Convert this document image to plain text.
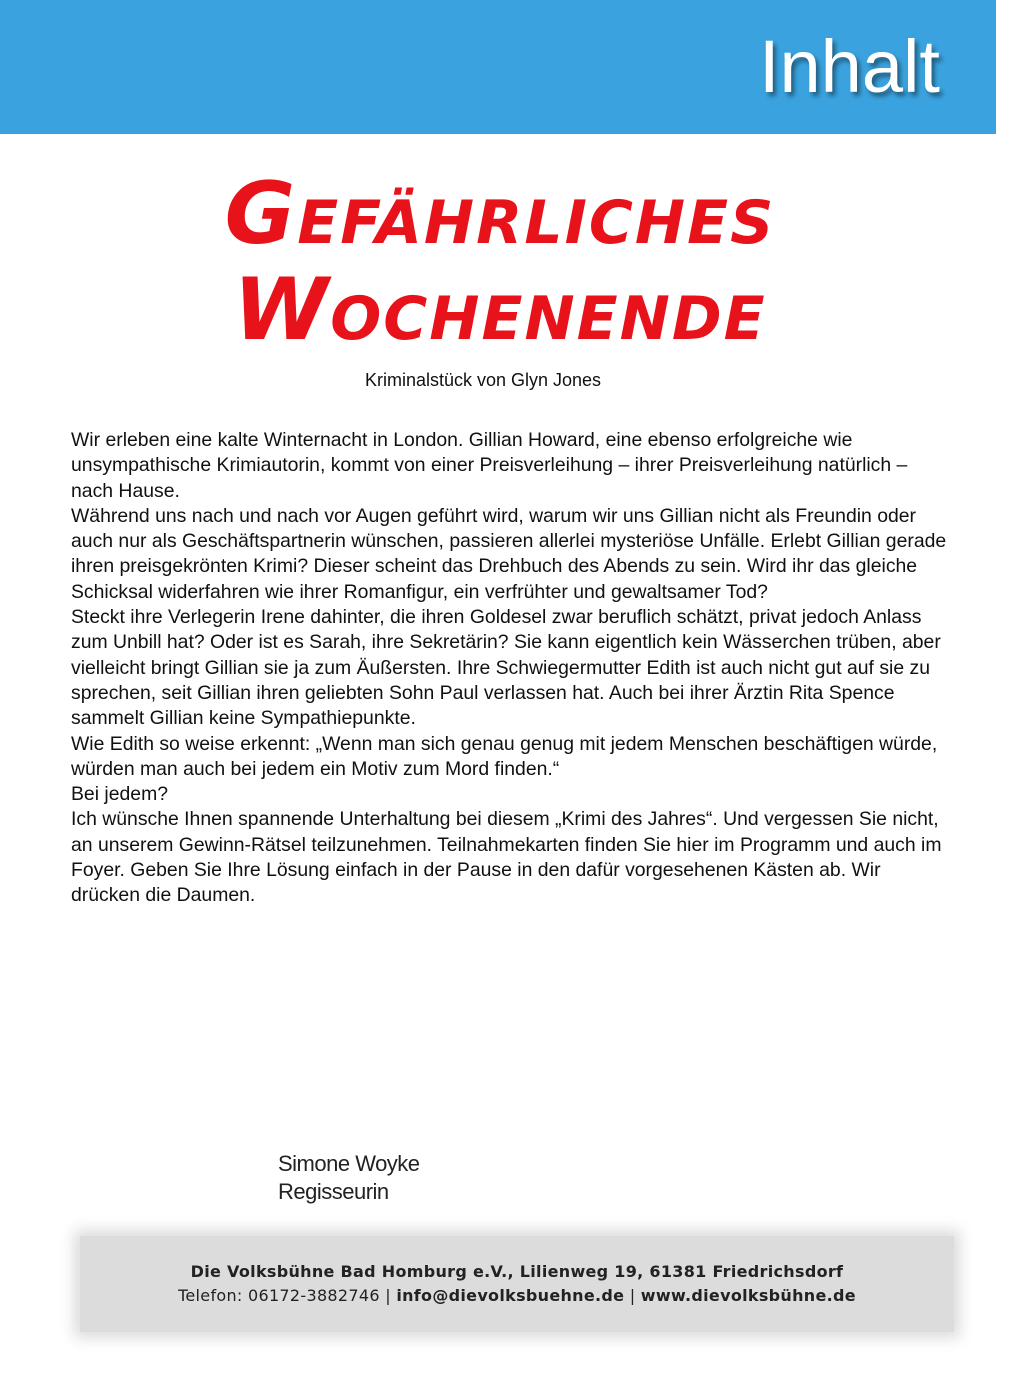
Inhalt
Gefährliches
Wochenende
Kriminalstück von Glyn Jones

Wir erleben eine kalte Winternacht in London. Gillian Howard, eine ebenso erfolgreiche wie unsympathische Krimiautorin, kommt von einer Preisverleihung – ihrer Preisverleihung natürlich – nach Hause.

Während uns nach und nach vor Augen geführt wird, warum wir uns Gillian nicht als Freundin oder auch nur als Geschäftspartnerin wünschen, passieren allerlei mysteriöse Unfälle. Erlebt Gillian gerade ihren preisgekrönten Krimi? Dieser scheint das Drehbuch des Abends zu sein. Wird ihr das gleiche Schicksal widerfahren wie ihrer Romanfigur, ein verfrühter und gewaltsamer Tod?

Steckt ihre Verlegerin Irene dahinter, die ihren Goldesel zwar beruflich schätzt, privat jedoch Anlass zum Unbill hat? Oder ist es Sarah, ihre Sekretärin? Sie kann eigentlich kein Wässerchen trüben, aber vielleicht bringt Gillian sie ja zum Äußersten. Ihre Schwiegermutter Edith ist auch nicht gut auf sie zu sprechen, seit Gillian ihren geliebten Sohn Paul verlassen hat. Auch bei ihrer Ärztin Rita Spence sammelt Gillian keine Sympathiepunkte.

Wie Edith so weise erkennt: „Wenn man sich genau genug mit jedem Menschen beschäftigen würde, würden man auch bei jedem ein Motiv zum Mord finden.“

Bei jedem?

Ich wünsche Ihnen spannende Unterhaltung bei diesem „Krimi des Jahres“. Und vergessen Sie nicht, an unserem Gewinn-Rätsel teilzunehmen. Teilnahmekarten finden Sie hier im Programm und auch im Foyer. Geben Sie Ihre Lösung einfach in der Pause in den dafür vorgesehenen Kästen ab. Wir drücken die Daumen.

Simone Woyke
Regisseurin
Die Volksbühne Bad Homburg e.V., Lilienweg 19, 61381 Friedrichsdorf
Telefon: 06172-3882746 | info@dievolksbuehne.de | www.dievolksbühne.de
